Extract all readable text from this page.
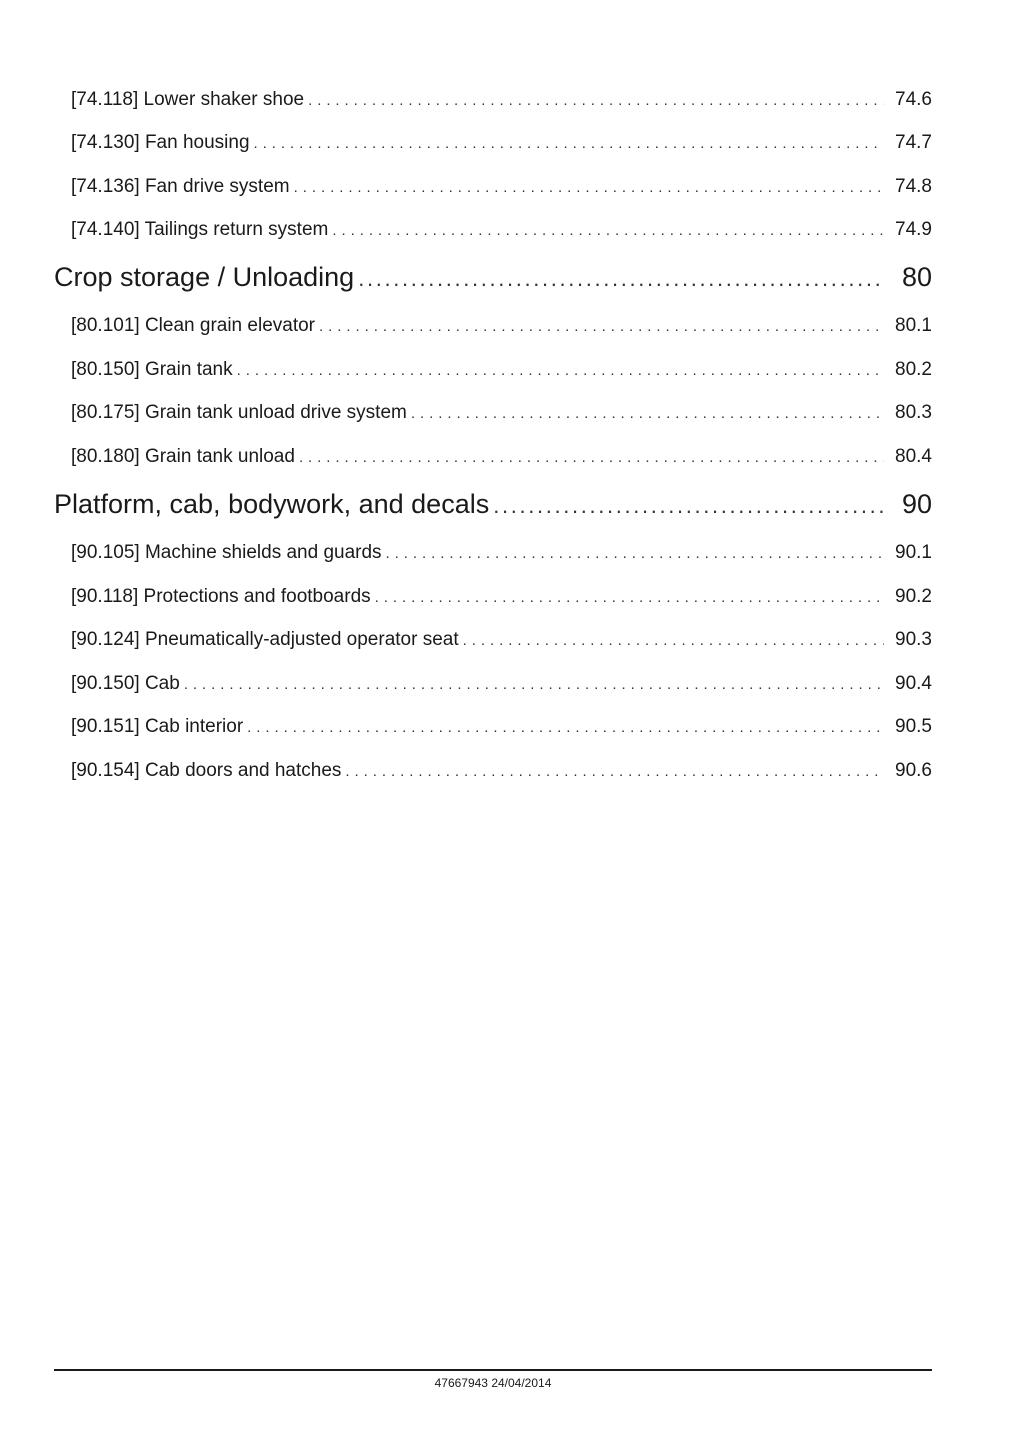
[74.118] Lower shaker shoe .....	74.6
[74.130] Fan housing .....	74.7
[74.136] Fan drive system .....	74.8
[74.140] Tailings return system .....	74.9
Crop storage / Unloading .....	80
[80.101] Clean grain elevator .....	80.1
[80.150] Grain tank .....	80.2
[80.175] Grain tank unload drive system .....	80.3
[80.180] Grain tank unload .....	80.4
Platform, cab, bodywork, and decals .....	90
[90.105] Machine shields and guards .....	90.1
[90.118] Protections and footboards .....	90.2
[90.124] Pneumatically-adjusted operator seat .....	90.3
[90.150] Cab .....	90.4
[90.151] Cab interior .....	90.5
[90.154] Cab doors and hatches .....	90.6
47667943 24/04/2014
